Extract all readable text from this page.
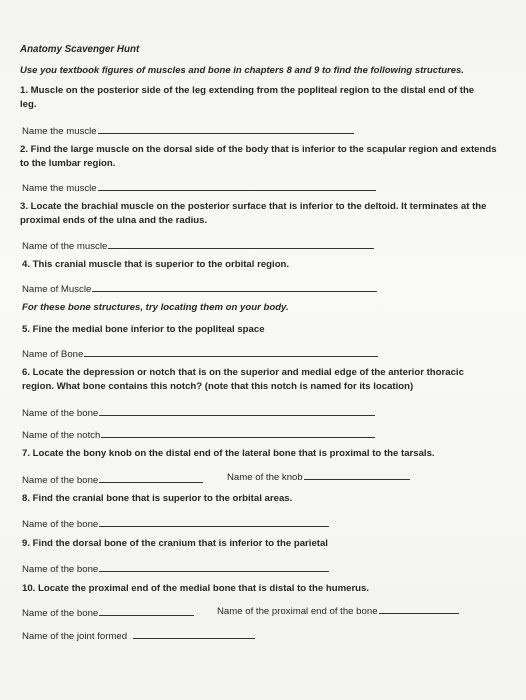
Anatomy Scavenger Hunt
Use you textbook figures of muscles and bone in chapters 8 and 9 to find the following structures.
1. Muscle on the posterior side of the leg extending from the popliteal region to the distal end of the
leg.
Name the muscle
2. Find the large muscle on the dorsal side of the body that is inferior to the scapular region and extends
to the lumbar region.
Name the muscle
3. Locate the brachial muscle on the posterior surface that is inferior to the deltoid. It terminates at the
proximal ends of the ulna and the radius.
Name of the muscle
4. This cranial muscle that is superior to the orbital region.
Name of Muscle
For these bone structures, try locating them on your body.
5. Fine the medial bone inferior to the popliteal space
Name of Bone
6. Locate the depression or notch that is on the superior and medial edge of the anterior thoracic
region. What bone contains this notch? (note that this notch is named for its location)
Name of the bone
Name of the notch
7. Locate the bony knob on the distal end of the lateral bone that is proximal to the tarsals.
Name of the bone	Name of the knob
8. Find the cranial bone that is superior to the orbital areas.
Name of the bone
9. Find the dorsal bone of the cranium that is inferior to the parietal
Name of the bone
10. Locate the proximal end of the medial bone that is distal to the humerus.
Name of the bone	Name of the proximal end of the bone
Name of the joint formed
